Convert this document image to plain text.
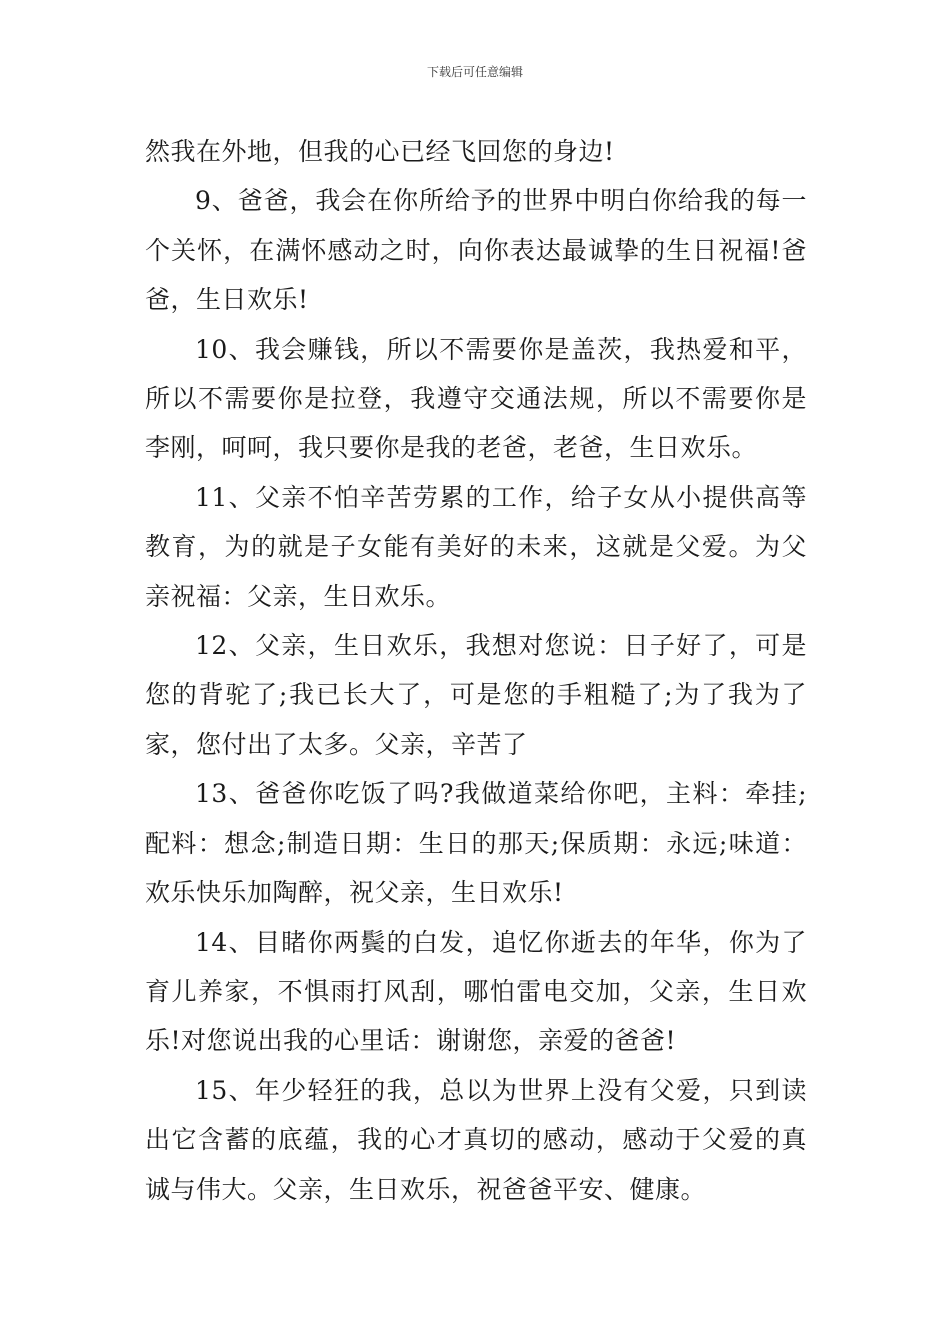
下载后可任意编辑

然我在外地，但我的心已经飞回您的身边!

9、爸爸，我会在你所给予的世界中明白你给我的每一个关怀，在满怀感动之时，向你表达最诚挚的生日祝福!爸爸，生日欢乐!

10、我会赚钱，所以不需要你是盖茨，我热爱和平，所以不需要你是拉登，我遵守交通法规，所以不需要你是李刚，呵呵，我只要你是我的老爸，老爸，生日欢乐。

11、父亲不怕辛苦劳累的工作，给子女从小提供高等教育，为的就是子女能有美好的未来，这就是父爱。为父亲祝福：父亲，生日欢乐。

12、父亲，生日欢乐，我想对您说：日子好了，可是您的背驼了;我已长大了，可是您的手粗糙了;为了我为了家，您付出了太多。父亲，辛苦了

13、爸爸你吃饭了吗?我做道菜给你吧，主料：牵挂;配料：想念;制造日期：生日的那天;保质期：永远;味道：欢乐快乐加陶醉，祝父亲，生日欢乐!

14、目睹你两鬓的白发，追忆你逝去的年华，你为了育儿养家，不惧雨打风刮，哪怕雷电交加，父亲，生日欢乐!对您说出我的心里话：谢谢您，亲爱的爸爸!

15、年少轻狂的我，总以为世界上没有父爱，只到读出它含蓄的底蕴，我的心才真切的感动，感动于父爱的真诚与伟大。父亲，生日欢乐，祝爸爸平安、健康。
